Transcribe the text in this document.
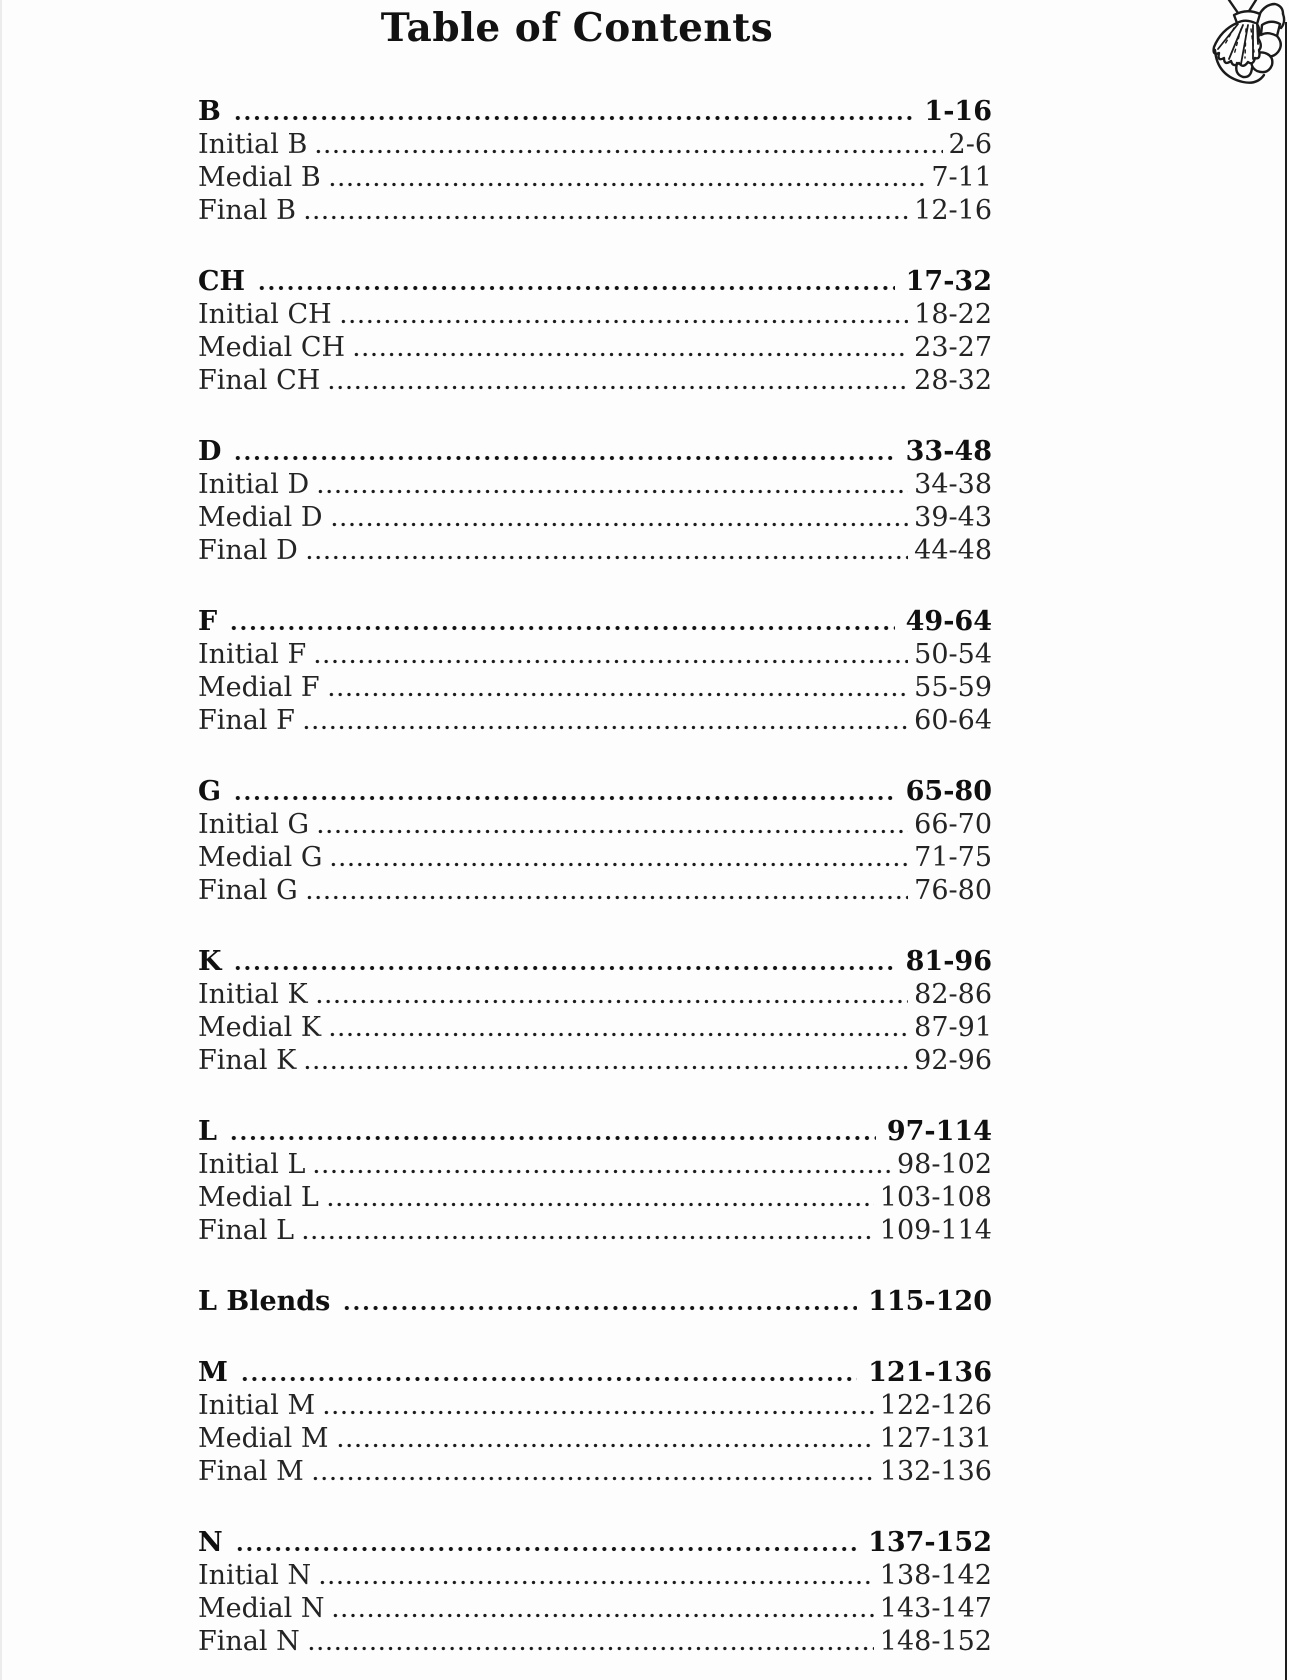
Table of Contents
B	1-16
Initial B	2-6
Medial B	7-11
Final B	12-16
CH	17-32
Initial CH	18-22
Medial CH	23-27
Final CH	28-32
D	33-48
Initial D	34-38
Medial D	39-43
Final D	44-48
F	49-64
Initial F	50-54
Medial F	55-59
Final F	60-64
G	65-80
Initial G	66-70
Medial G	71-75
Final G	76-80
K	81-96
Initial K	82-86
Medial K	87-91
Final K	92-96
L	97-114
Initial L	98-102
Medial L	103-108
Final L	109-114
L Blends	115-120
M	121-136
Initial M	122-126
Medial M	127-131
Final M	132-136
N	137-152
Initial N	138-142
Medial N	143-147
Final N	148-152
